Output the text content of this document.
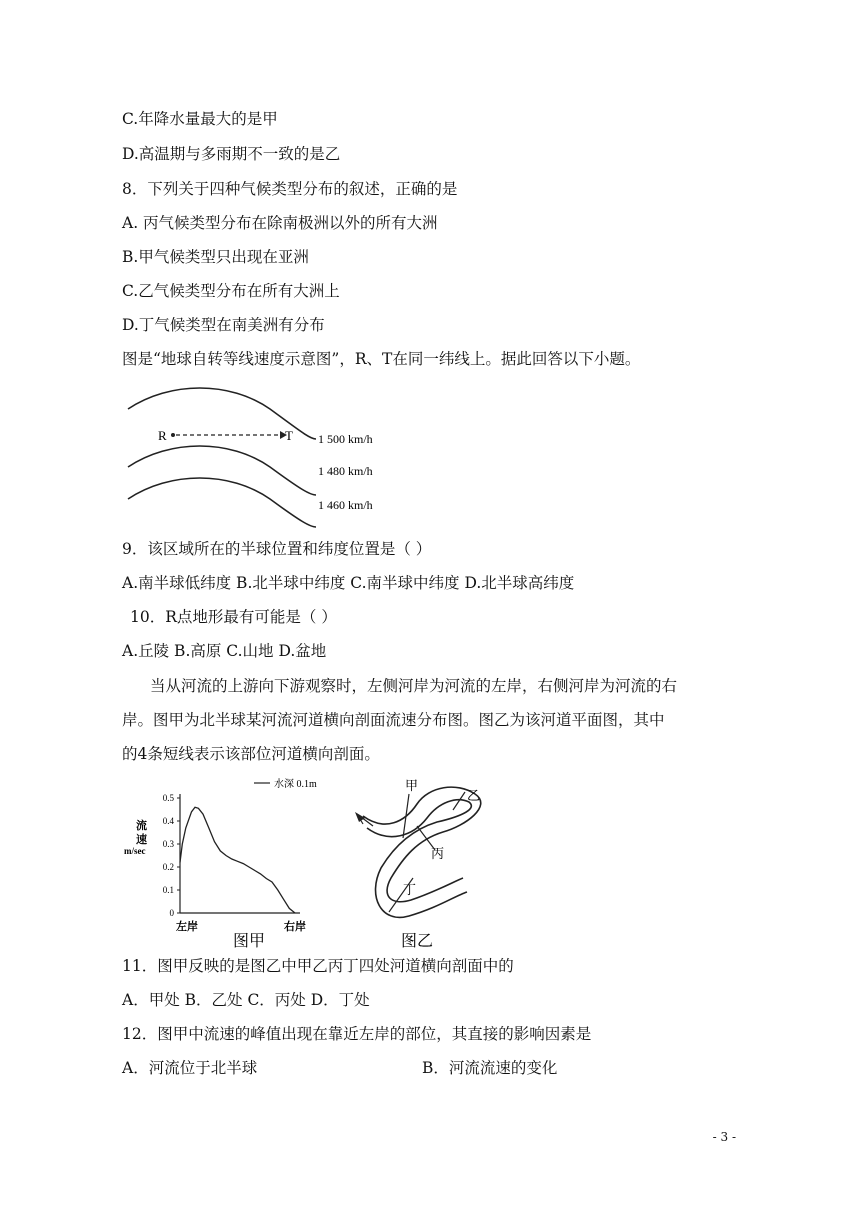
C.年降水量最大的是甲
D.高温期与多雨期不一致的是乙
8．下列关于四种气候类型分布的叙述，正确的是
A. 丙气候类型分布在除南极洲以外的所有大洲
B.甲气候类型只出现在亚洲
C.乙气候类型分布在所有大洲上
D.丁气候类型在南美洲有分布
图是“地球自转等线速度示意图”，R、T在同一纬线上。据此回答以下小题。
R	T 1 500 km/h
1 480 km/h
1 460 km/h
9．该区域所在的半球位置和纬度位置是（ ）
A.南半球低纬度 B.北半球中纬度 C.南半球中纬度 D.北半球高纬度
10．R点地形最有可能是（ ）
A.丘陵 B.高原 C.山地 D.盆地
当从河流的上游向下游观察时，左侧河岸为河流的左岸，右侧河岸为河流的右
岸。图甲为北半球某河流河道横向剖面流速分布图。图乙为该河道平面图，其中
的4条短线表示该部位河道横向剖面。
水深 0.1m
流
速
m/sec
0.5
0.4
0.3
0.2
0.1
0
左岸	右岸
图甲
甲
乙
丙
丁
图乙
11．图甲反映的是图乙中甲乙丙丁四处河道横向剖面中的
A．甲处 B．乙处 C．丙处 D．丁处
12．图甲中流速的峰值出现在靠近左岸的部位，其直接的影响因素是
A．河流位于北半球	B．河流流速的变化
- 3 -
